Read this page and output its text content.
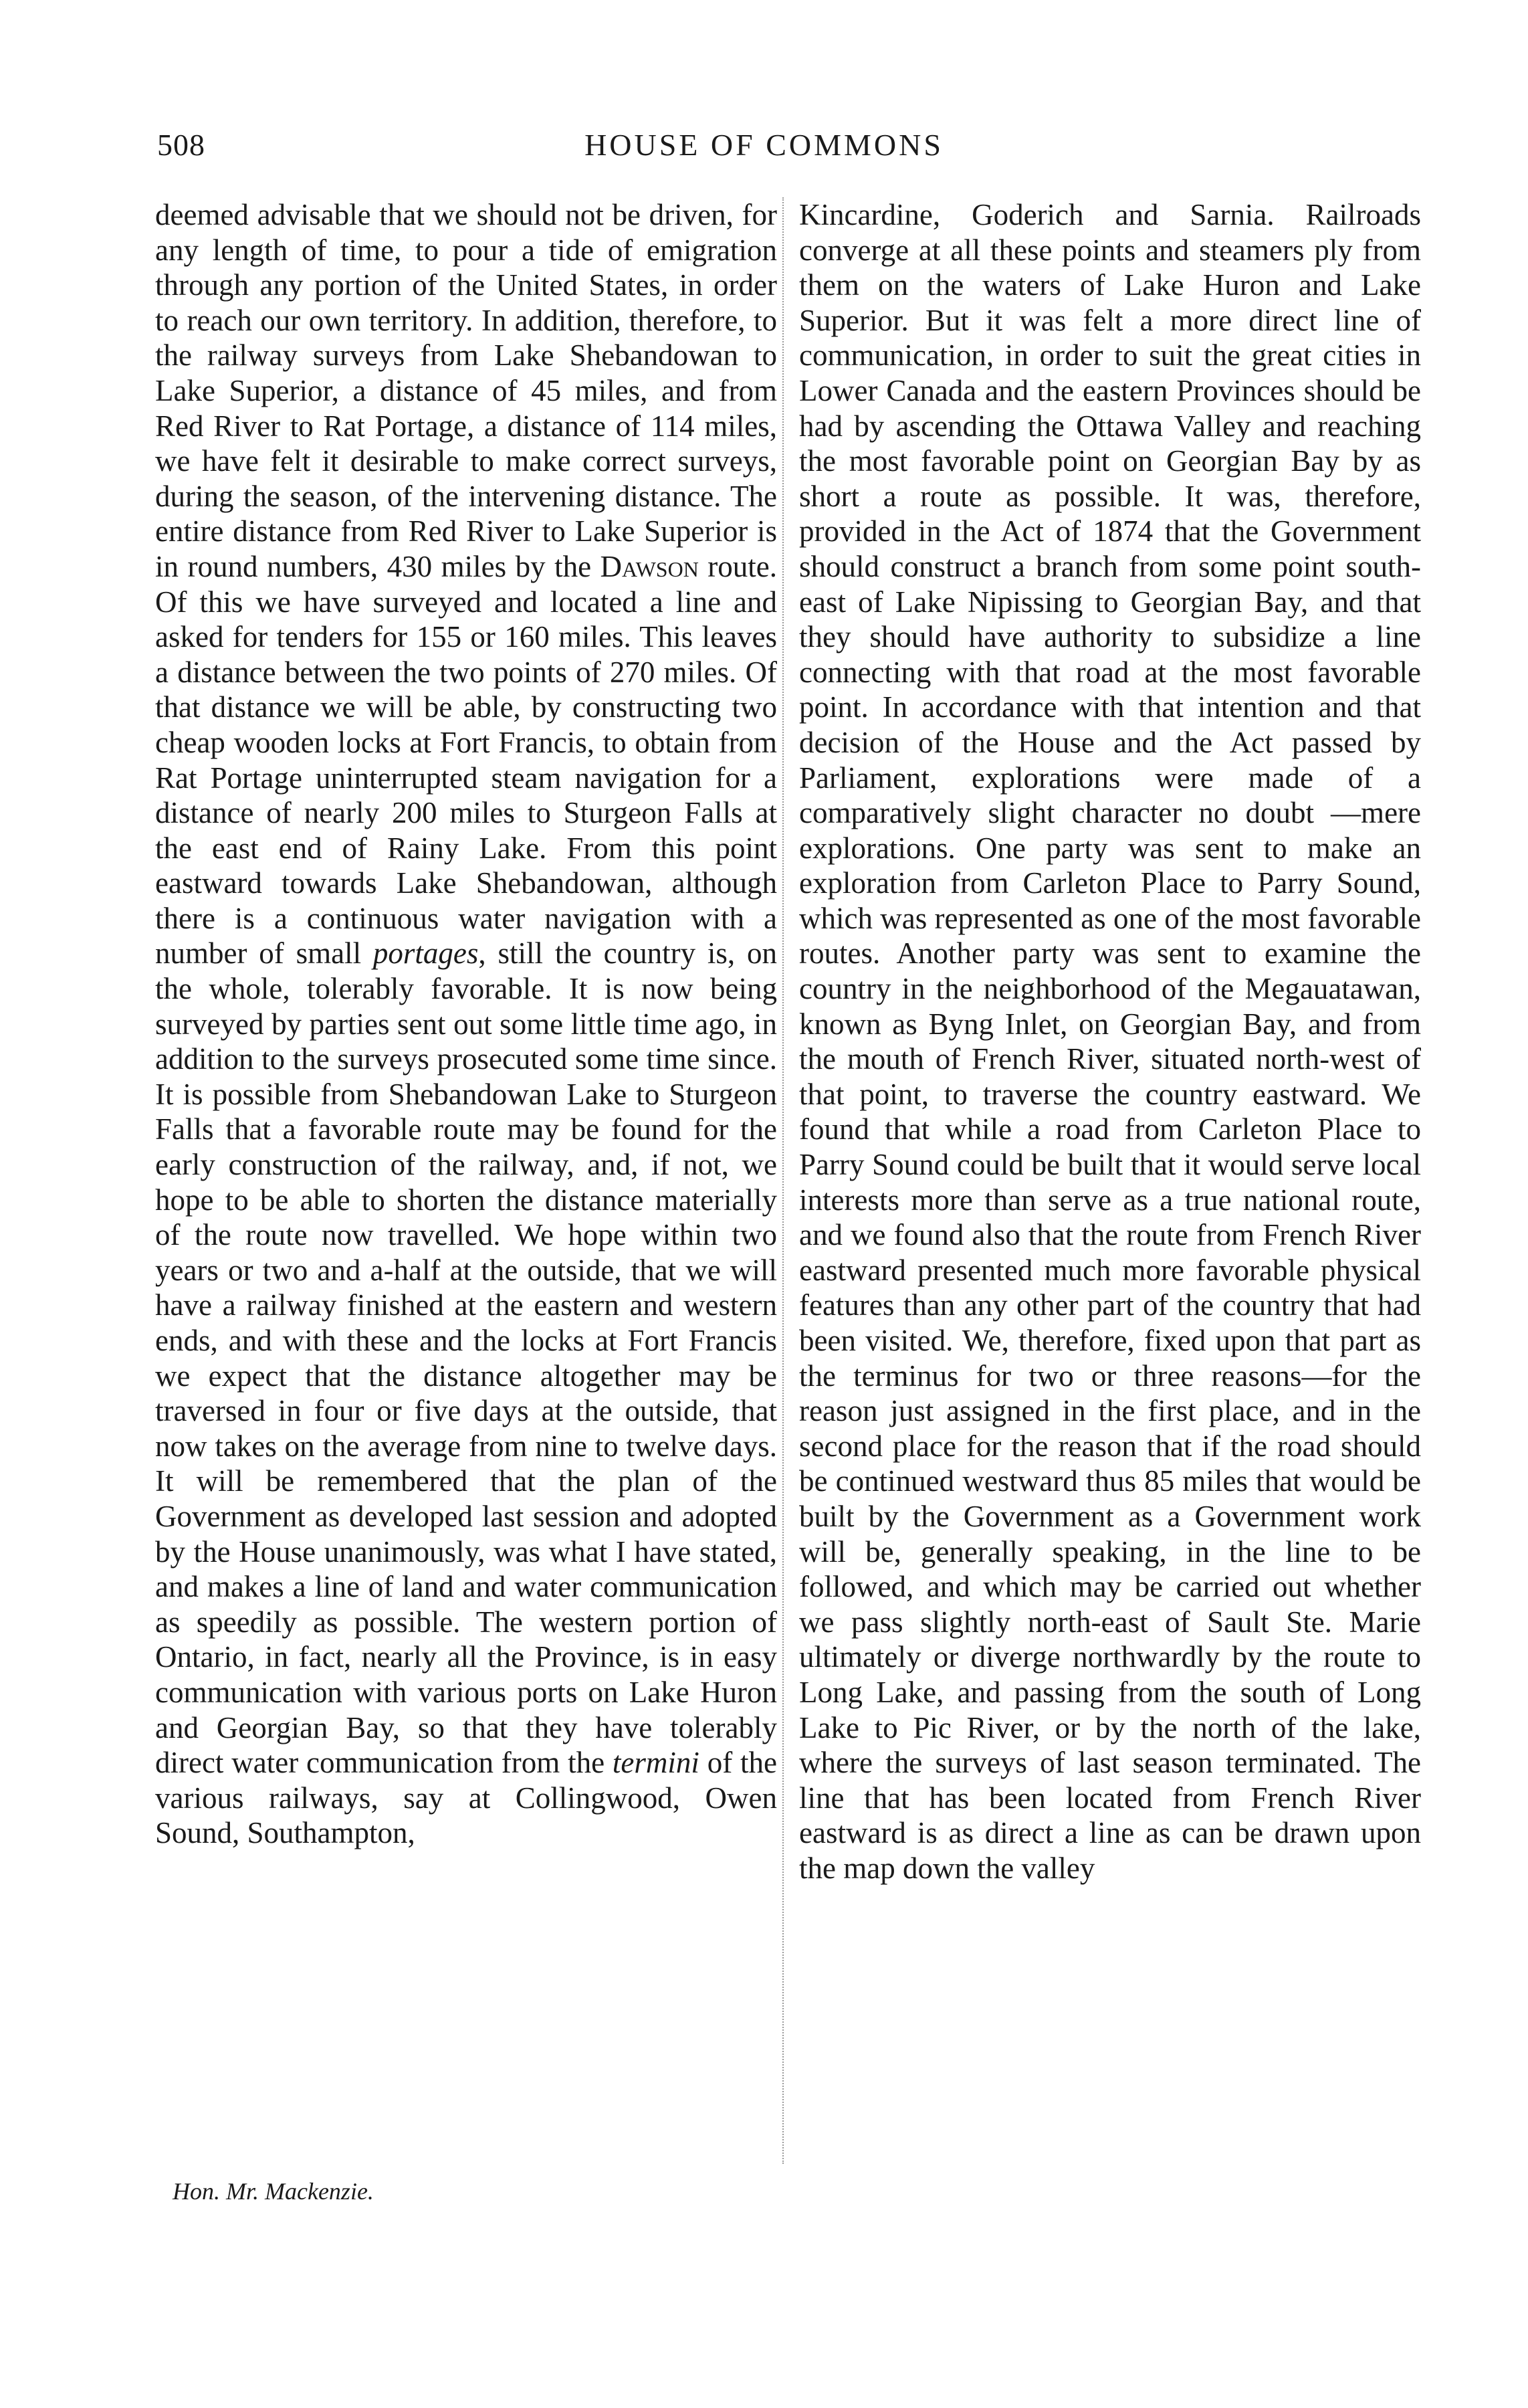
508	HOUSE OF COMMONS

deemed advisable that we should not be driven, for any length of time, to pour a tide of emigration through any portion of the United States, in order to reach our own territory. In addition, therefore, to the railway surveys from Lake Shebandowan to Lake Superior, a distance of 45 miles, and from Red River to Rat Portage, a distance of 114 miles, we have felt it desirable to make correct surveys, during the season, of the intervening distance. The entire distance from Red River to Lake Superior is in round numbers, 430 miles by the Dawson route. Of this we have surveyed and located a line and asked for tenders for 155 or 160 miles. This leaves a distance between the two points of 270 miles. Of that distance we will be able, by constructing two cheap wooden locks at Fort Francis, to obtain from Rat Portage uninterrupted steam navigation for a distance of nearly 200 miles to Sturgeon Falls at the east end of Rainy Lake. From this point eastward towards Lake Shebandowan, although there is a continuous water navigation with a number of small portages, still the country is, on the whole, tolerably favorable. It is now being surveyed by parties sent out some little time ago, in addition to the surveys prosecuted some time since. It is possible from Shebandowan Lake to Sturgeon Falls that a favorable route may be found for the early construction of the railway, and, if not, we hope to be able to shorten the distance materially of the route now travelled. We hope within two years or two and a-half at the outside, that we will have a railway finished at the eastern and western ends, and with these and the locks at Fort Francis we expect that the distance altogether may be traversed in four or five days at the outside, that now takes on the average from nine to twelve days. It will be remembered that the plan of the Government as developed last session and adopted by the House unanimously, was what I have stated, and makes a line of land and water communication as speedily as possible. The western portion of Ontario, in fact, nearly all the Province, is in easy communication with various ports on Lake Huron and Georgian Bay, so that they have tolerably direct water communication from the termini of the various railways, say at Collingwood, Owen Sound, Southampton,

Kincardine, Goderich and Sarnia. Railroads converge at all these points and steamers ply from them on the waters of Lake Huron and Lake Superior. But it was felt a more direct line of communication, in order to suit the great cities in Lower Canada and the eastern Provinces should be had by ascending the Ottawa Valley and reaching the most favorable point on Georgian Bay by as short a route as possible. It was, therefore, provided in the Act of 1874 that the Government should construct a branch from some point south-east of Lake Nipissing to Georgian Bay, and that they should have authority to subsidize a line connecting with that road at the most favorable point. In accordance with that intention and that decision of the House and the Act passed by Parliament, explorations were made of a comparatively slight character no doubt —mere explorations. One party was sent to make an exploration from Carleton Place to Parry Sound, which was represented as one of the most favorable routes. Another party was sent to examine the country in the neighborhood of the Megauatawan, known as Byng Inlet, on Georgian Bay, and from the mouth of French River, situated north-west of that point, to traverse the country eastward. We found that while a road from Carleton Place to Parry Sound could be built that it would serve local interests more than serve as a true national route, and we found also that the route from French River eastward presented much more favorable physical features than any other part of the country that had been visited. We, therefore, fixed upon that part as the terminus for two or three reasons—for the reason just assigned in the first place, and in the second place for the reason that if the road should be continued westward thus 85 miles that would be built by the Government as a Government work will be, generally speaking, in the line to be followed, and which may be carried out whether we pass slightly north-east of Sault Ste. Marie ultimately or diverge northwardly by the route to Long Lake, and passing from the south of Long Lake to Pic River, or by the north of the lake, where the surveys of last season terminated. The line that has been located from French River eastward is as direct a line as can be drawn upon the map down the valley

Hon. Mr. Mackenzie.
